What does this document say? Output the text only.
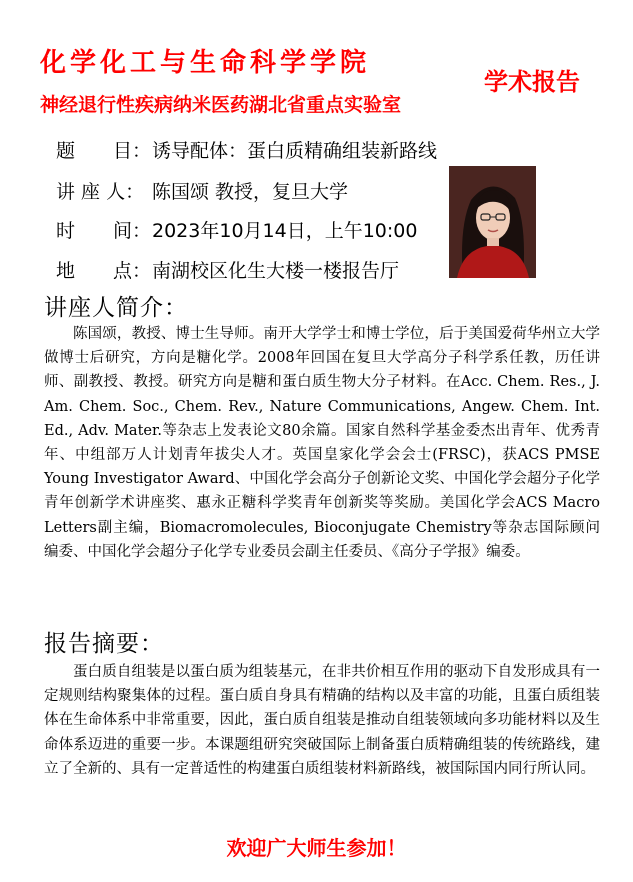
化学化工与生命科学学院
神经退行性疾病纳米医药湖北省重点实验室
学术报告
题　　目： 诱导配体：蛋白质精确组装新路线
讲 座 人： 陈国颂 教授，复旦大学
时　　间： 2023年10月14日，上午10:00
地　　点： 南湖校区化生大楼一楼报告厅
讲座人简介：

陈国颂，教授、博士生导师。南开大学学士和博士学位，后于美国爱荷华州立大学做博士后研究，方向是糖化学。2008年回国在复旦大学高分子科学系任教，历任讲师、副教授、教授。研究方向是糖和蛋白质生物大分子材料。在Acc. Chem. Res., J. Am. Chem. Soc., Chem. Rev., Nature Communications, Angew. Chem. Int. Ed., Adv. Mater.等杂志上发表论文80余篇。国家自然科学基金委杰出青年、优秀青年、中组部万人计划青年拔尖人才。英国皇家化学会会士(FRSC)，获ACS PMSE Young Investigator Award、中国化学会高分子创新论文奖、中国化学会超分子化学青年创新学术讲座奖、惠永正糖科学奖青年创新奖等奖励。美国化学会ACS Macro Letters副主编，Biomacromolecules, Bioconjugate Chemistry等杂志国际顾问编委、中国化学会超分子化学专业委员会副主任委员、《高分子学报》编委。

报告摘要：

蛋白质自组装是以蛋白质为组装基元，在非共价相互作用的驱动下自发形成具有一定规则结构聚集体的过程。蛋白质自身具有精确的结构以及丰富的功能，且蛋白质组装体在生命体系中非常重要，因此，蛋白质自组装是推动自组装领域向多功能材料以及生命体系迈进的重要一步。本课题组研究突破国际上制备蛋白质精确组装的传统路线，建立了全新的、具有一定普适性的构建蛋白质组装材料新路线，被国际国内同行所认同。

欢迎广大师生参加！
